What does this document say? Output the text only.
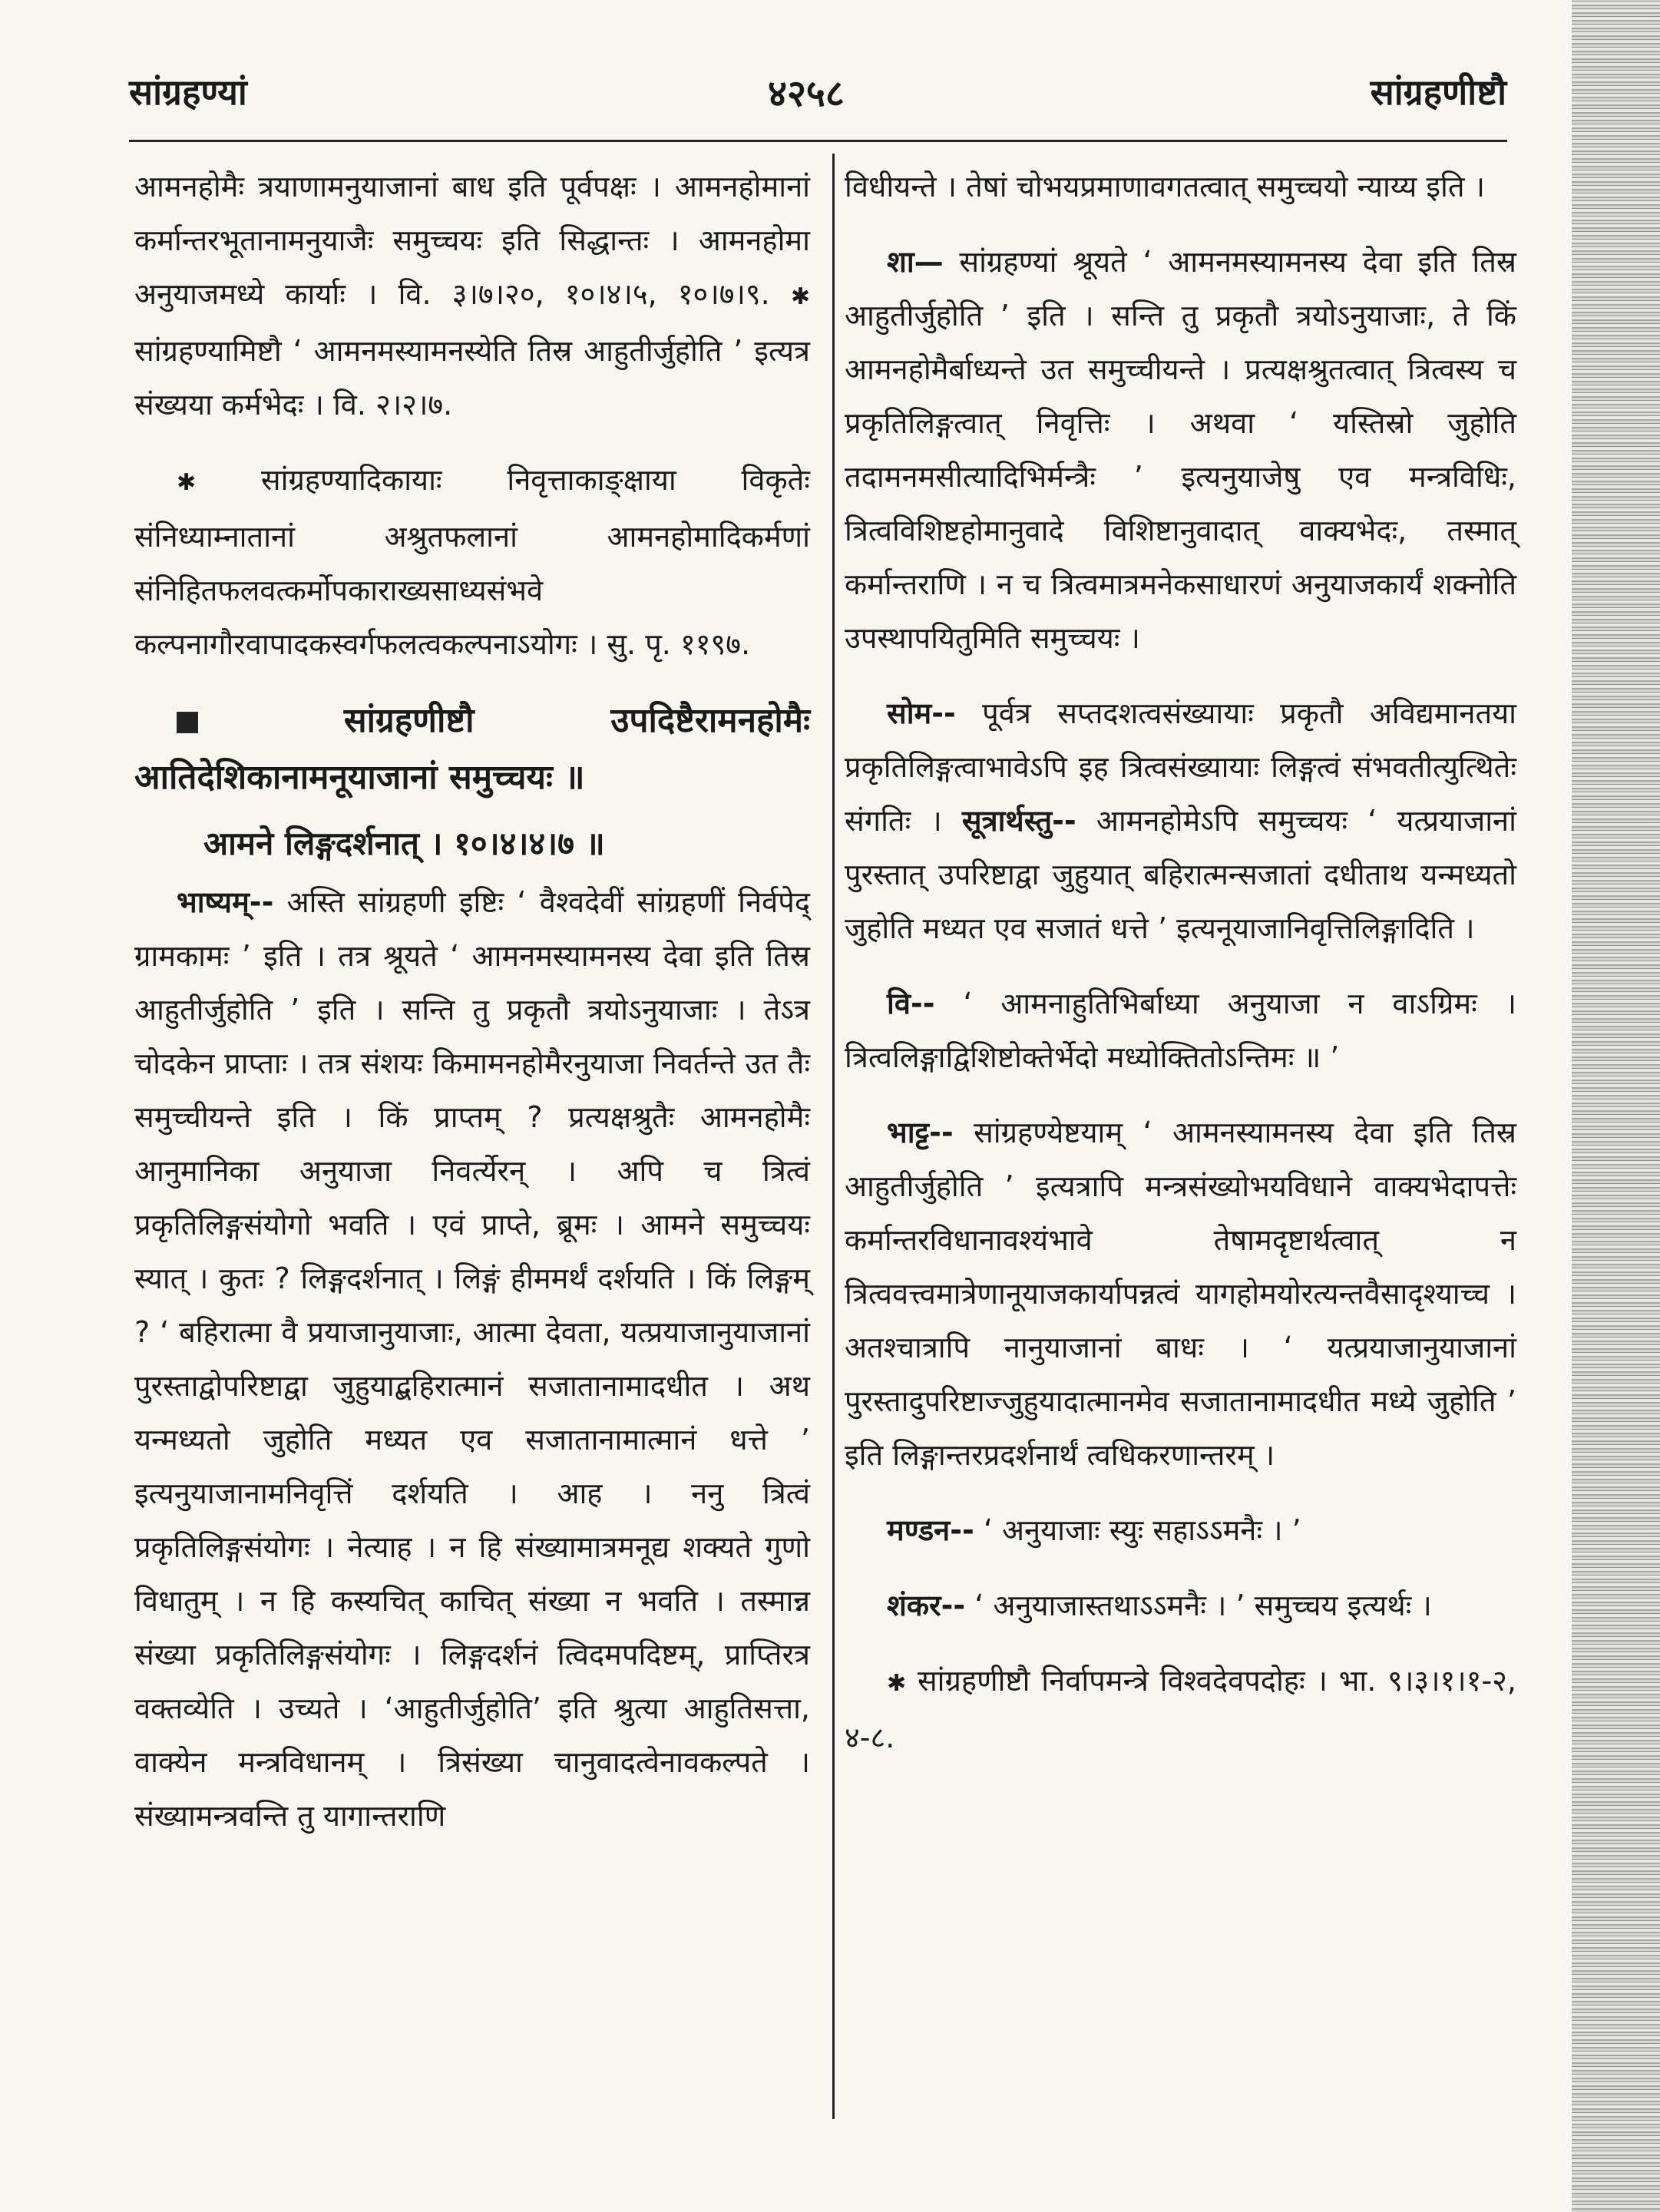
सांग्रहण्यां	४२५८	सांग्रहणीष्टौ

आमनहोमैः त्रयाणामनुयाजानां बाध इति पूर्वपक्षः । आमनहोमानां कर्मान्तरभूतानामनुयाजैः समुच्चयः इति सिद्धान्तः । आमनहोमा अनुयाजमध्ये कार्याः । वि. ३।७।२०, १०।४।५, १०।७।९. ✱ सांग्रहण्यामिष्टौ ‘ आमनमस्यामनस्येति तिस्र आहुतीर्जुहोति ’ इत्यत्र संख्यया कर्मभेदः । वि. २।२।७.

✱ सांग्रहण्यादिकायाः निवृत्ताकाङ्क्षाया विकृतेः संनिध्याम्नातानां अश्रुतफलानां आमनहोमादिकर्मणां संनिहितफलवत्कर्मोपकाराख्यसाध्यसंभवे कल्पनागौरवापादकस्वर्गफलत्वकल्पनाऽयोगः । सु. पृ. ११९७.

सांग्रहणीष्टौ उपदिष्टैरामनहोमैः आतिदेशिकानामनूयाजानां समुच्चयः ॥

आमने लिङ्गदर्शनात् । १०।४।४।७ ॥

भाष्यम्-- अस्ति सांग्रहणी इष्टिः ‘ वैश्वदेवीं सांग्रहणीं निर्वपेद् ग्रामकामः ’ इति । तत्र श्रूयते ‘ आमनमस्यामनस्य देवा इति तिस्र आहुतीर्जुहोति ’ इति । सन्ति तु प्रकृतौ त्रयोऽनुयाजाः । तेऽत्र चोदकेन प्राप्ताः । तत्र संशयः किमामनहोमैरनुयाजा निवर्तन्ते उत तैः समुच्चीयन्ते इति । किं प्राप्तम् ? प्रत्यक्षश्रुतैः आमनहोमैः आनुमानिका अनुयाजा निवर्त्येरन् । अपि च त्रित्वं प्रकृतिलिङ्गसंयोगो भवति । एवं प्राप्ते, ब्रूमः । आमने समुच्चयः स्यात् । कुतः ? लिङ्गदर्शनात् । लिङ्गं हीममर्थं दर्शयति । किं लिङ्गम् ? ‘ बहिरात्मा वै प्रयाजानुयाजाः, आत्मा देवता, यत्प्रयाजानुयाजानां पुरस्ताद्वोपरिष्टाद्वा जुहुयाद्बहिरात्मानं सजातानामादधीत । अथ यन्मध्यतो जुहोति मध्यत एव सजातानामात्मानं धत्ते ’ इत्यनुयाजानामनिवृत्तिं दर्शयति । आह । ननु त्रित्वं प्रकृतिलिङ्गसंयोगः । नेत्याह । न हि संख्यामात्रमनूद्य शक्यते गुणो विधातुम् । न हि कस्यचित् काचित् संख्या न भवति । तस्मान्न संख्या प्रकृतिलिङ्गसंयोगः । लिङ्गदर्शनं त्विदमपदिष्टम्, प्राप्तिरत्र वक्तव्येति । उच्यते । ‘आहुतीर्जुहोति’ इति श्रुत्या आहुतिसत्ता, वाक्येन मन्त्रविधानम् । त्रिसंख्या चानुवादत्वेनावकल्पते । संख्यामन्त्रवन्ति तु यागान्तराणि

विधीयन्ते । तेषां चोभयप्रमाणावगतत्वात् समुच्चयो न्याय्य इति ।

शा— सांग्रहण्यां श्रूयते ‘ आमनमस्यामनस्य देवा इति तिस्र आहुतीर्जुहोति ’ इति । सन्ति तु प्रकृतौ त्रयोऽनुयाजाः, ते किं आमनहोमैर्बाध्यन्ते उत समुच्चीयन्ते । प्रत्यक्षश्रुतत्वात् त्रित्वस्य च प्रकृतिलिङ्गत्वात् निवृत्तिः । अथवा ‘ यस्तिस्रो जुहोति तदामनमसीत्यादिभिर्मन्त्रैः ’ इत्यनुयाजेषु एव मन्त्रविधिः, त्रित्वविशिष्टहोमानुवादे विशिष्टानुवादात् वाक्यभेदः, तस्मात् कर्मान्तराणि । न च त्रित्वमात्रमनेकसाधारणं अनुयाजकार्यं शक्नोति उपस्थापयितुमिति समुच्चयः ।

सोम-- पूर्वत्र सप्तदशत्वसंख्यायाः प्रकृतौ अविद्यमानतया प्रकृतिलिङ्गत्वाभावेऽपि इह त्रित्वसंख्यायाः लिङ्गत्वं संभवतीत्युत्थितेः संगतिः । सूत्रार्थस्तु-- आमनहोमेऽपि समुच्चयः ‘ यत्प्रयाजानां पुरस्तात् उपरिष्टाद्वा जुहुयात् बहिरात्मन्सजातां दधीताथ यन्मध्यतो जुहोति मध्यत एव सजातं धत्ते ’ इत्यनूयाजानिवृत्तिलिङ्गादिति ।

वि-- ‘ आमनाहुतिभिर्बाध्या अनुयाजा न वाऽग्रिमः । त्रित्वलिङ्गाद्विशिष्टोक्तेर्भेदो मध्योक्तितोऽन्तिमः ॥ ’

भाट्ट-- सांग्रहण्येष्टयाम् ‘ आमनस्यामनस्य देवा इति तिस्र आहुतीर्जुहोति ’ इत्यत्रापि मन्त्रसंख्योभयविधाने वाक्यभेदापत्तेः कर्मान्तरविधानावश्यंभावे तेषामदृष्टार्थत्वात् न त्रित्ववत्त्वमात्रेणानूयाजकार्यापन्नत्वं यागहोमयोरत्यन्तवैसादृश्याच्च । अतश्चात्रापि नानुयाजानां बाधः । ‘ यत्प्रयाजानुयाजानां पुरस्तादुपरिष्टाज्जुहुयादात्मानमेव सजातानामादधीत मध्ये जुहोति ’ इति लिङ्गान्तरप्रदर्शनार्थं त्वधिकरणान्तरम् ।

मण्डन-- ‘ अनुयाजाः स्युः सहाऽऽमनैः । ’

शंकर-- ‘ अनुयाजास्तथाऽऽमनैः । ’ समुच्चय इत्यर्थः ।

✱ सांग्रहणीष्टौ निर्वापमन्त्रे विश्वदेवपदोहः । भा. ९।३।१।१-२, ४-८.
